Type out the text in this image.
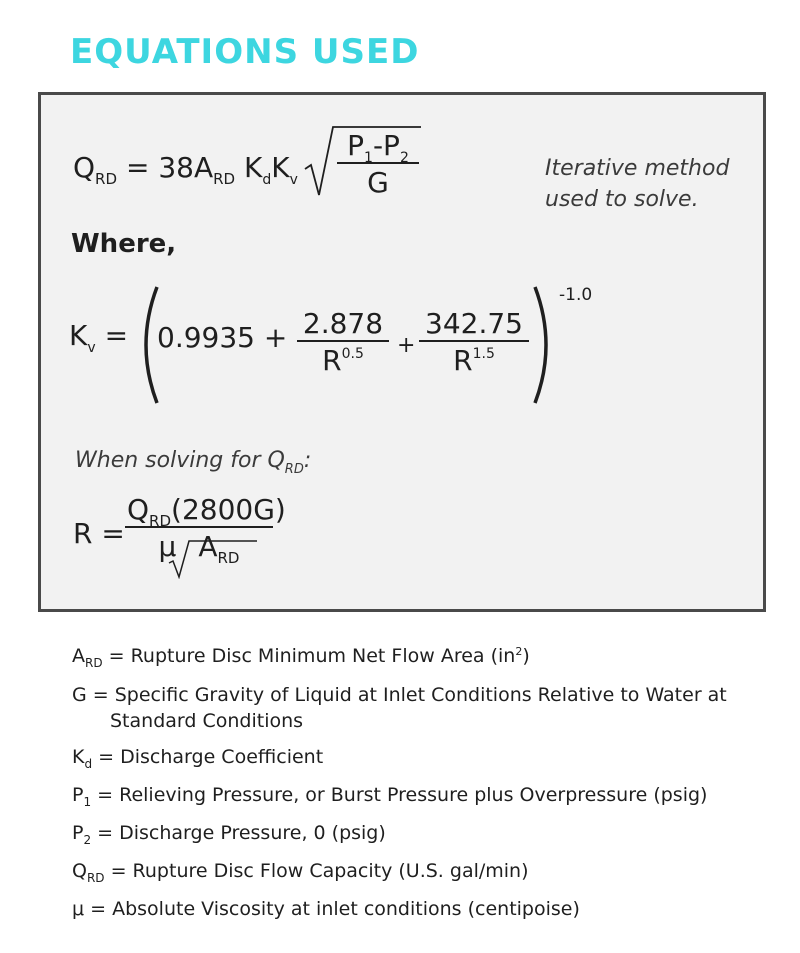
EQUATIONS USED
$Q_{RD} = 38A_{RD}$ $K_dK_v \frac{P_1-P_2}{G}$	Iterative method
used to solve.
Where,
$K_v = 0.9935 + \frac{2.878}{R^{0.5}} + \frac{342.75}{R^{1.5}}$
-1.0
When solving for $Q_{RD}$:
R =
$Q_{RD}(2800G)$
μ $A_{RD}$
$A_{RD}$ = Rupture Disc Minimum Net Flow Area $(in^2)$
G = Specific Gravity of Liquid at Inlet Conditions Relative to Water at
Standard Conditions
$K_d$ = Discharge Coefficient
$P_1$ = Relieving Pressure, or Burst Pressure plus Overpressure (psig)
$P_2$ = Discharge Pressure, 0 (psig)
$Q_{RD}$ = Rupture Disc Flow Capacity (U.S. gal/min)
μ = Absolute Viscosity at inlet conditions (centipoise)
